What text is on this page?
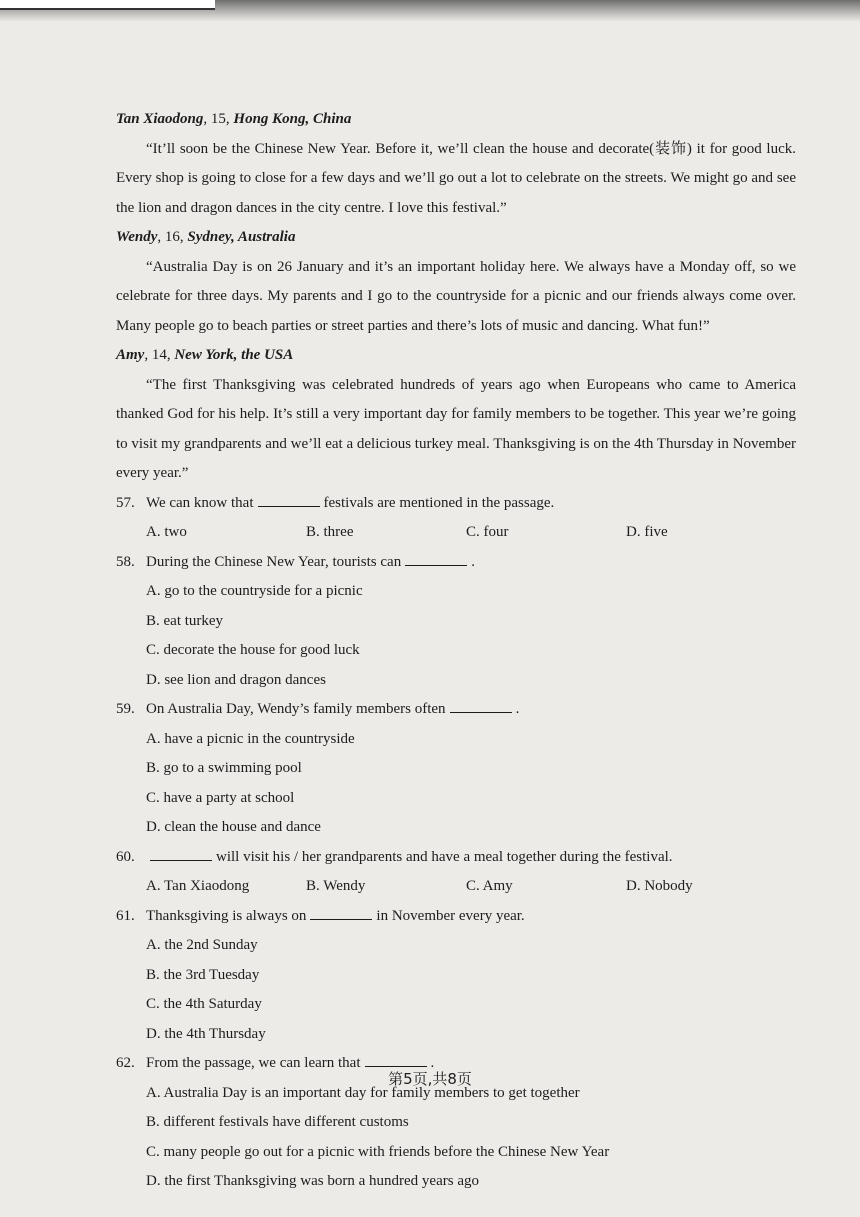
Tan Xiaodong, 15, Hong Kong, China

“It’ll soon be the Chinese New Year. Before it, we’ll clean the house and decorate(装饰) it for good luck. Every shop is going to close for a few days and we’ll go out a lot to celebrate on the streets. We might go and see the lion and dragon dances in the city centre. I love this festival.”

Wendy, 16, Sydney, Australia

“Australia Day is on 26 January and it’s an important holiday here. We always have a Monday off, so we celebrate for three days. My parents and I go to the countryside for a picnic and our friends always come over. Many people go to beach parties or street parties and there’s lots of music and dancing. What fun!”

Amy, 14, New York, the USA

“The first Thanksgiving was celebrated hundreds of years ago when Europeans who came to America thanked God for his help. It’s still a very important day for family members to be together. This year we’re going to visit my grandparents and we’ll eat a delicious turkey meal. Thanksgiving is on the 4th Thursday in November every year.”

57. We can know that	festivals are mentioned in the passage.

A. two	B. three	C. four	D. five

58. During the Chinese New Year, tourists can	.

A. go to the countryside for a picnic

B. eat turkey

C. decorate the house for good luck

D. see lion and dragon dances

59. On Australia Day, Wendy’s family members often	.

A. have a picnic in the countryside

B. go to a swimming pool

C. have a party at school

D. clean the house and dance

60.	will visit his / her grandparents and have a meal together during the festival.

A. Tan Xiaodong	B. Wendy	C. Amy	D. Nobody

61. Thanksgiving is always on	in November every year.

A. the 2nd Sunday

B. the 3rd Tuesday

C. the 4th Saturday

D. the 4th Thursday

62. From the passage, we can learn that	.

A. Australia Day is an important day for family members to get together

B. different festivals have different customs

C. many people go out for a picnic with friends before the Chinese New Year

D. the first Thanksgiving was born a hundred years ago

第5页,共8页
